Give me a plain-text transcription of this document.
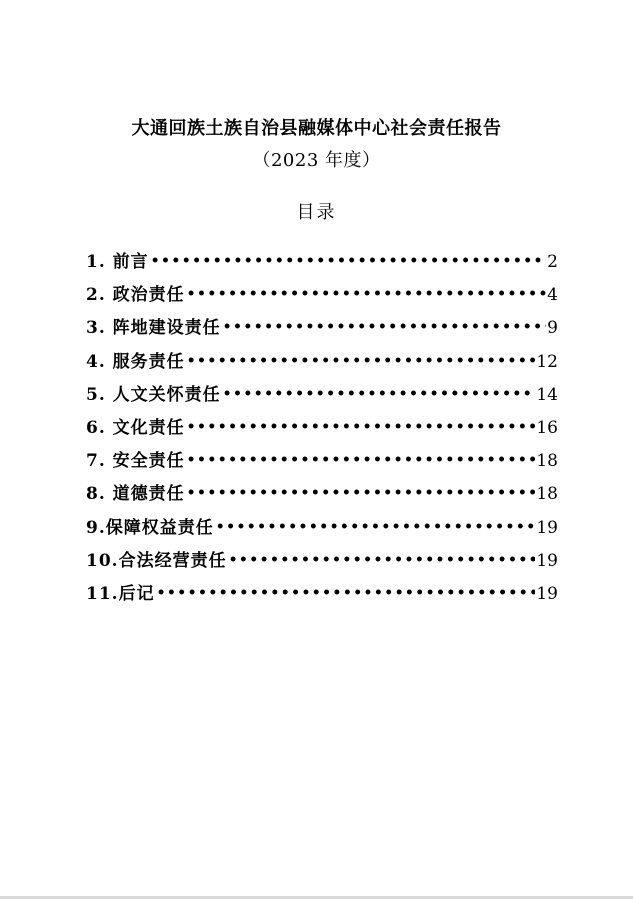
大通回族土族自治县融媒体中心社会责任报告
（2023 年度）
目录
1. 前言 •••••	2
2. 政治责任 •••••	4
3. 阵地建设责任 •••••	9
4. 服务责任 •••••	12
5. 人文关怀责任 •••••	14
6. 文化责任 •••••	16
7. 安全责任 •••••	18
8. 道德责任 •••••	18
9.保障权益责任 •••••	19
10.合法经营责任 •••••	19
11.后记 •••••	19
